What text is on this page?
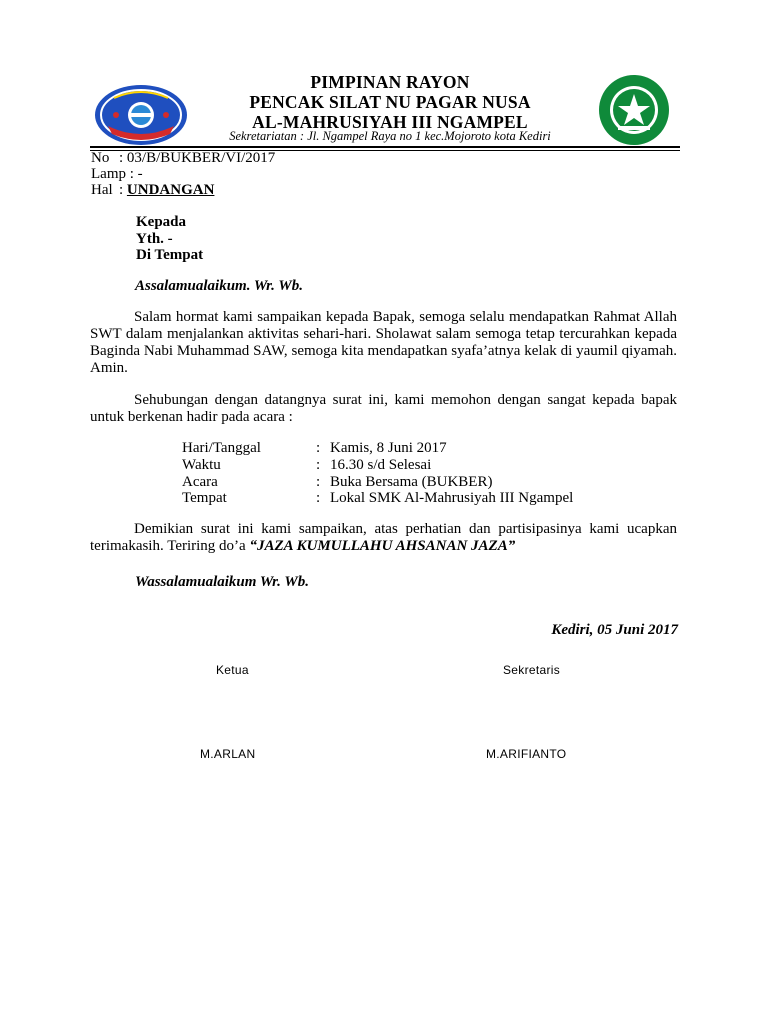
PIMPINAN RAYON
PENCAK SILAT NU PAGAR NUSA
AL-MAHRUSIYAH III NGAMPEL
Sekretariatan : Jl. Ngampel Raya no 1 kec.Mojoroto kota Kediri
No : 03/B/BUKBER/VI/2017
Lamp : -
Hal : UNDANGAN
Kepada
Yth. -
Di Tempat
Assalamualaikum. Wr. Wb.
Salam hormat kami sampaikan kepada Bapak, semoga selalu mendapatkan Rahmat Allah SWT dalam menjalankan aktivitas sehari-hari. Sholawat salam semoga tetap tercurahkan kepada Baginda Nabi Muhammad SAW, semoga kita mendapatkan syafa’atnya kelak di yaumil qiyamah. Amin.
Sehubungan dengan datangnya surat ini, kami memohon dengan sangat kepada bapak untuk berkenan hadir pada acara :
Hari/Tanggal	: Kamis, 8 Juni 2017
Waktu	: 16.30 s/d Selesai
Acara	: Buka Bersama (BUKBER)
Tempat	: Lokal SMK Al-Mahrusiyah III Ngampel
Demikian surat ini kami sampaikan, atas perhatian dan partisipasinya kami ucapkan terimakasih. Teriring do’a “JAZA KUMULLAHU AHSANAN JAZA”
Wassalamualaikum Wr. Wb.
Kediri, 05 Juni 2017
Ketua	Sekretaris
M.ARLAN	M.ARIFIANTO
